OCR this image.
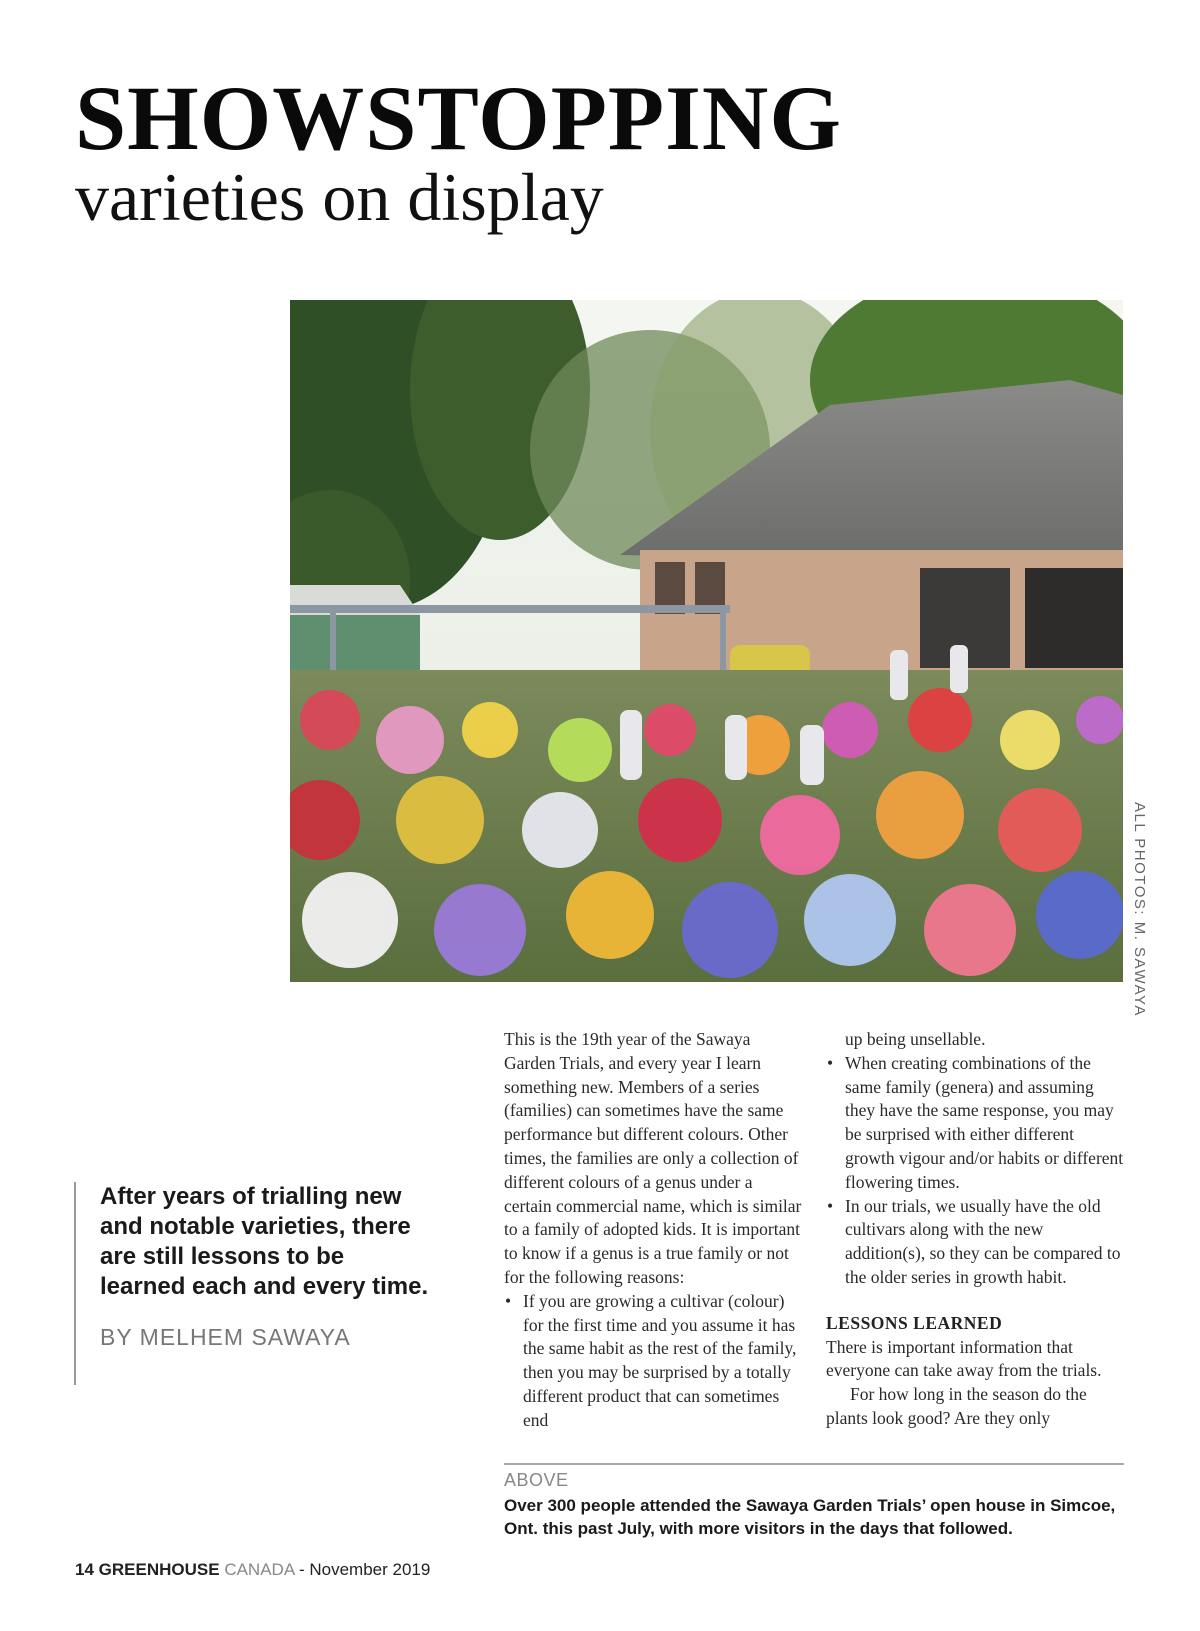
SHOWSTOPPING
varieties on display
ALL PHOTOS: M. SAWAYA

After years of trialling new and notable varieties, there are still lessons to be learned each and every time.

BY MELHEM SAWAYA

This is the 19th year of the Sawaya Garden Trials, and every year I learn something new. Members of a series (families) can sometimes have the same performance but different colours. Other times, the families are only a collection of different colours of a genus under a certain commercial name, which is similar to a family of adopted kids. It is important to know if a genus is a true family or not for the following reasons:

• If you are growing a cultivar (colour) for the first time and you assume it has the same habit as the rest of the family, then you may be surprised by a totally different product that can sometimes end

up being unsellable.

• When creating combinations of the same family (genera) and assuming they have the same response, you may be surprised with either different growth vigour and/or habits or different flowering times.
• In our trials, we usually have the old cultivars along with the new addition(s), so they can be compared to the older series in growth habit.
LESSONS LEARNED

There is important information that everyone can take away from the trials.

For how long in the season do the plants look good? Are they only

ABOVE
Over 300 people attended the Sawaya Garden Trials’ open house in Simcoe, Ont. this past July, with more visitors in the days that followed.
14 GREENHOUSE CANADA - November 2019
